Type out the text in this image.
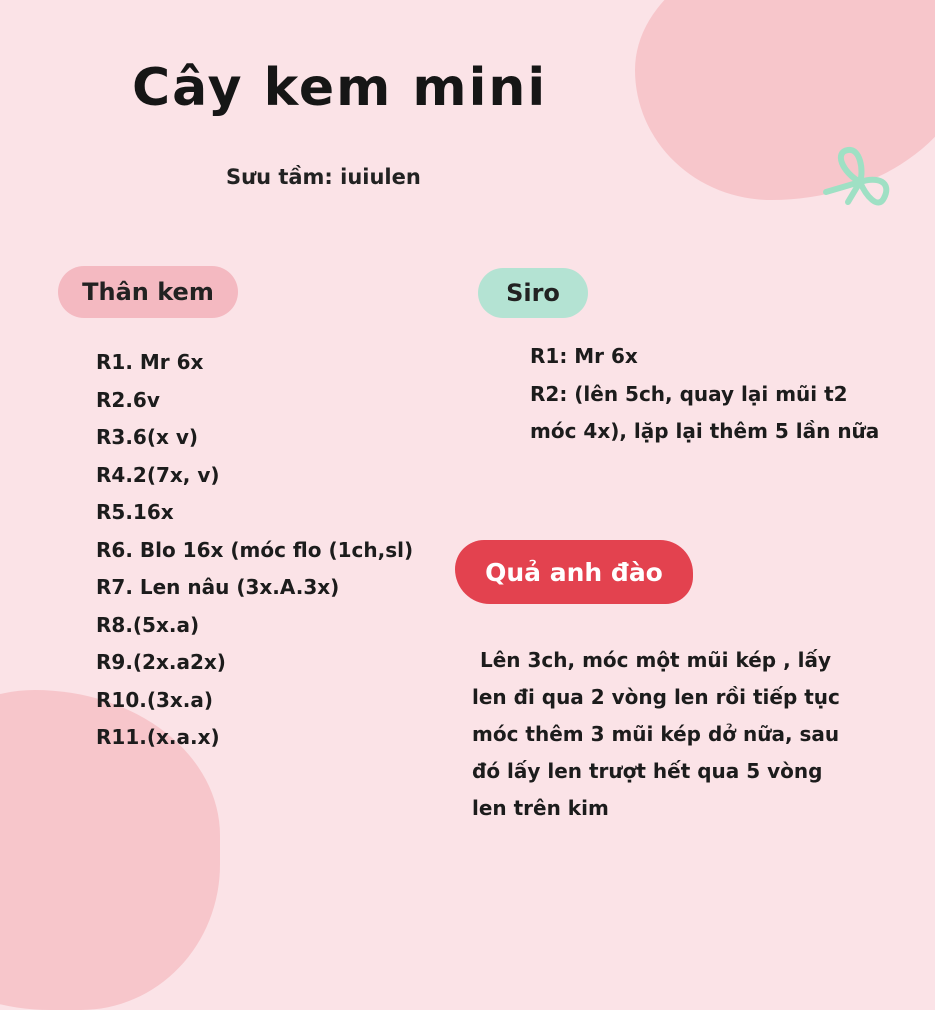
Cây kem mini
Sưu tầm: iuiulen
Thân kem
R1. Mr 6x
R2.6v
R3.6(x v)
R4.2(7x, v)
R5.16x
R6. Blo 16x (móc flo (1ch,sl)
R7. Len nâu (3x.A.3x)
R8.(5x.a)
R9.(2x.a2x)
R10.(3x.a)
R11.(x.a.x)
Siro
R1: Mr 6x
R2: (lên 5ch, quay lại mũi t2
móc 4x), lặp lại thêm 5 lần nữa
Quả anh đào
Lên 3ch, móc một mũi kép , lấy
len đi qua 2 vòng len rồi tiếp tục
móc thêm 3 mũi kép dở nữa, sau
đó lấy len trượt hết qua 5 vòng
len trên kim
